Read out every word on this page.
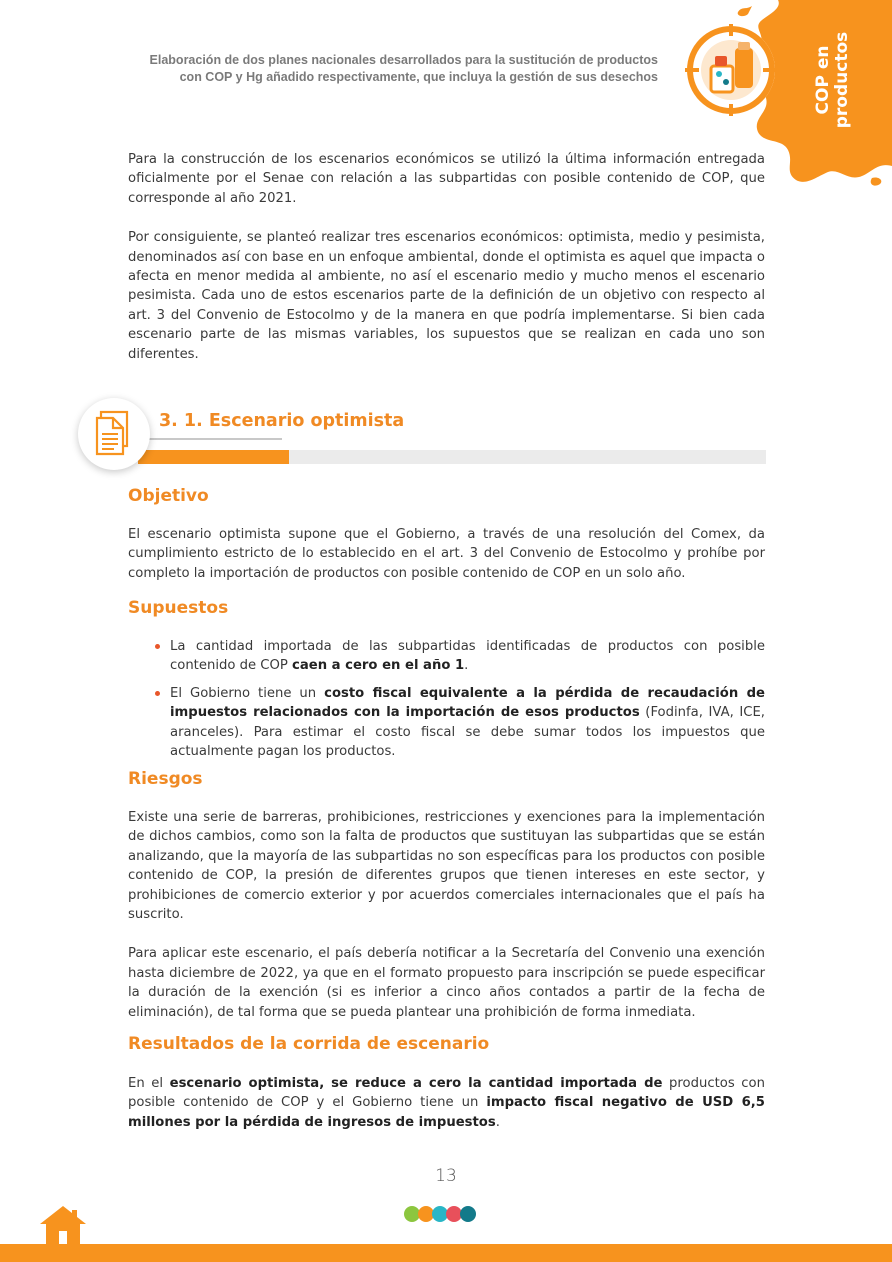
Elaboración de dos planes nacionales desarrollados para la sustitución de productos
con COP y Hg añadido respectivamente, que incluya la gestión de sus desechos	COP en productos

Para la construcción de los escenarios económicos se utilizó la última información entregada oficialmente por el Senae con relación a las subpartidas con posible contenido de COP, que corresponde al año 2021.

Por consiguiente, se planteó realizar tres escenarios económicos: optimista, medio y pesimista, denominados así con base en un enfoque ambiental, donde el optimista es aquel que impacta o afecta en menor medida al ambiente, no así el escenario medio y mucho menos el escenario pesimista. Cada uno de estos escenarios parte de la definición de un objetivo con respecto al art. 3 del Convenio de Estocolmo y de la manera en que podría implementarse. Si bien cada escenario parte de las mismas variables, los supuestos que se realizan en cada uno son diferentes.

3. 1. Escenario optimista
Objetivo

El escenario optimista supone que el Gobierno, a través de una resolución del Comex, da cumplimiento estricto de lo establecido en el art. 3 del Convenio de Estocolmo y prohíbe por completo la importación de productos con posible contenido de COP en un solo año.

Supuestos
La cantidad importada de las subpartidas identificadas de productos con posible contenido de COP caen a cero en el año 1.
El Gobierno tiene un costo fiscal equivalente a la pérdida de recaudación de impuestos relacionados con la importación de esos productos (Fodinfa, IVA, ICE, aranceles). Para estimar el costo fiscal se debe sumar todos los impuestos que actualmente pagan los productos.
Riesgos

Existe una serie de barreras, prohibiciones, restricciones y exenciones para la implementación de dichos cambios, como son la falta de productos que sustituyan las subpartidas que se están analizando, que la mayoría de las subpartidas no son específicas para los productos con posible contenido de COP, la presión de diferentes grupos que tienen intereses en este sector, y prohibiciones de comercio exterior y por acuerdos comerciales internacionales que el país ha suscrito.

Para aplicar este escenario, el país debería notificar a la Secretaría del Convenio una exención hasta diciembre de 2022, ya que en el formato propuesto para inscripción se puede especificar la duración de la exención (si es inferior a cinco años contados a partir de la fecha de eliminación), de tal forma que se pueda plantear una prohibición de forma inmediata.

Resultados de la corrida de escenario

En el escenario optimista, se reduce a cero la cantidad importada de productos con posible contenido de COP y el Gobierno tiene un impacto fiscal negativo de USD 6,5 millones por la pérdida de ingresos de impuestos.

13
